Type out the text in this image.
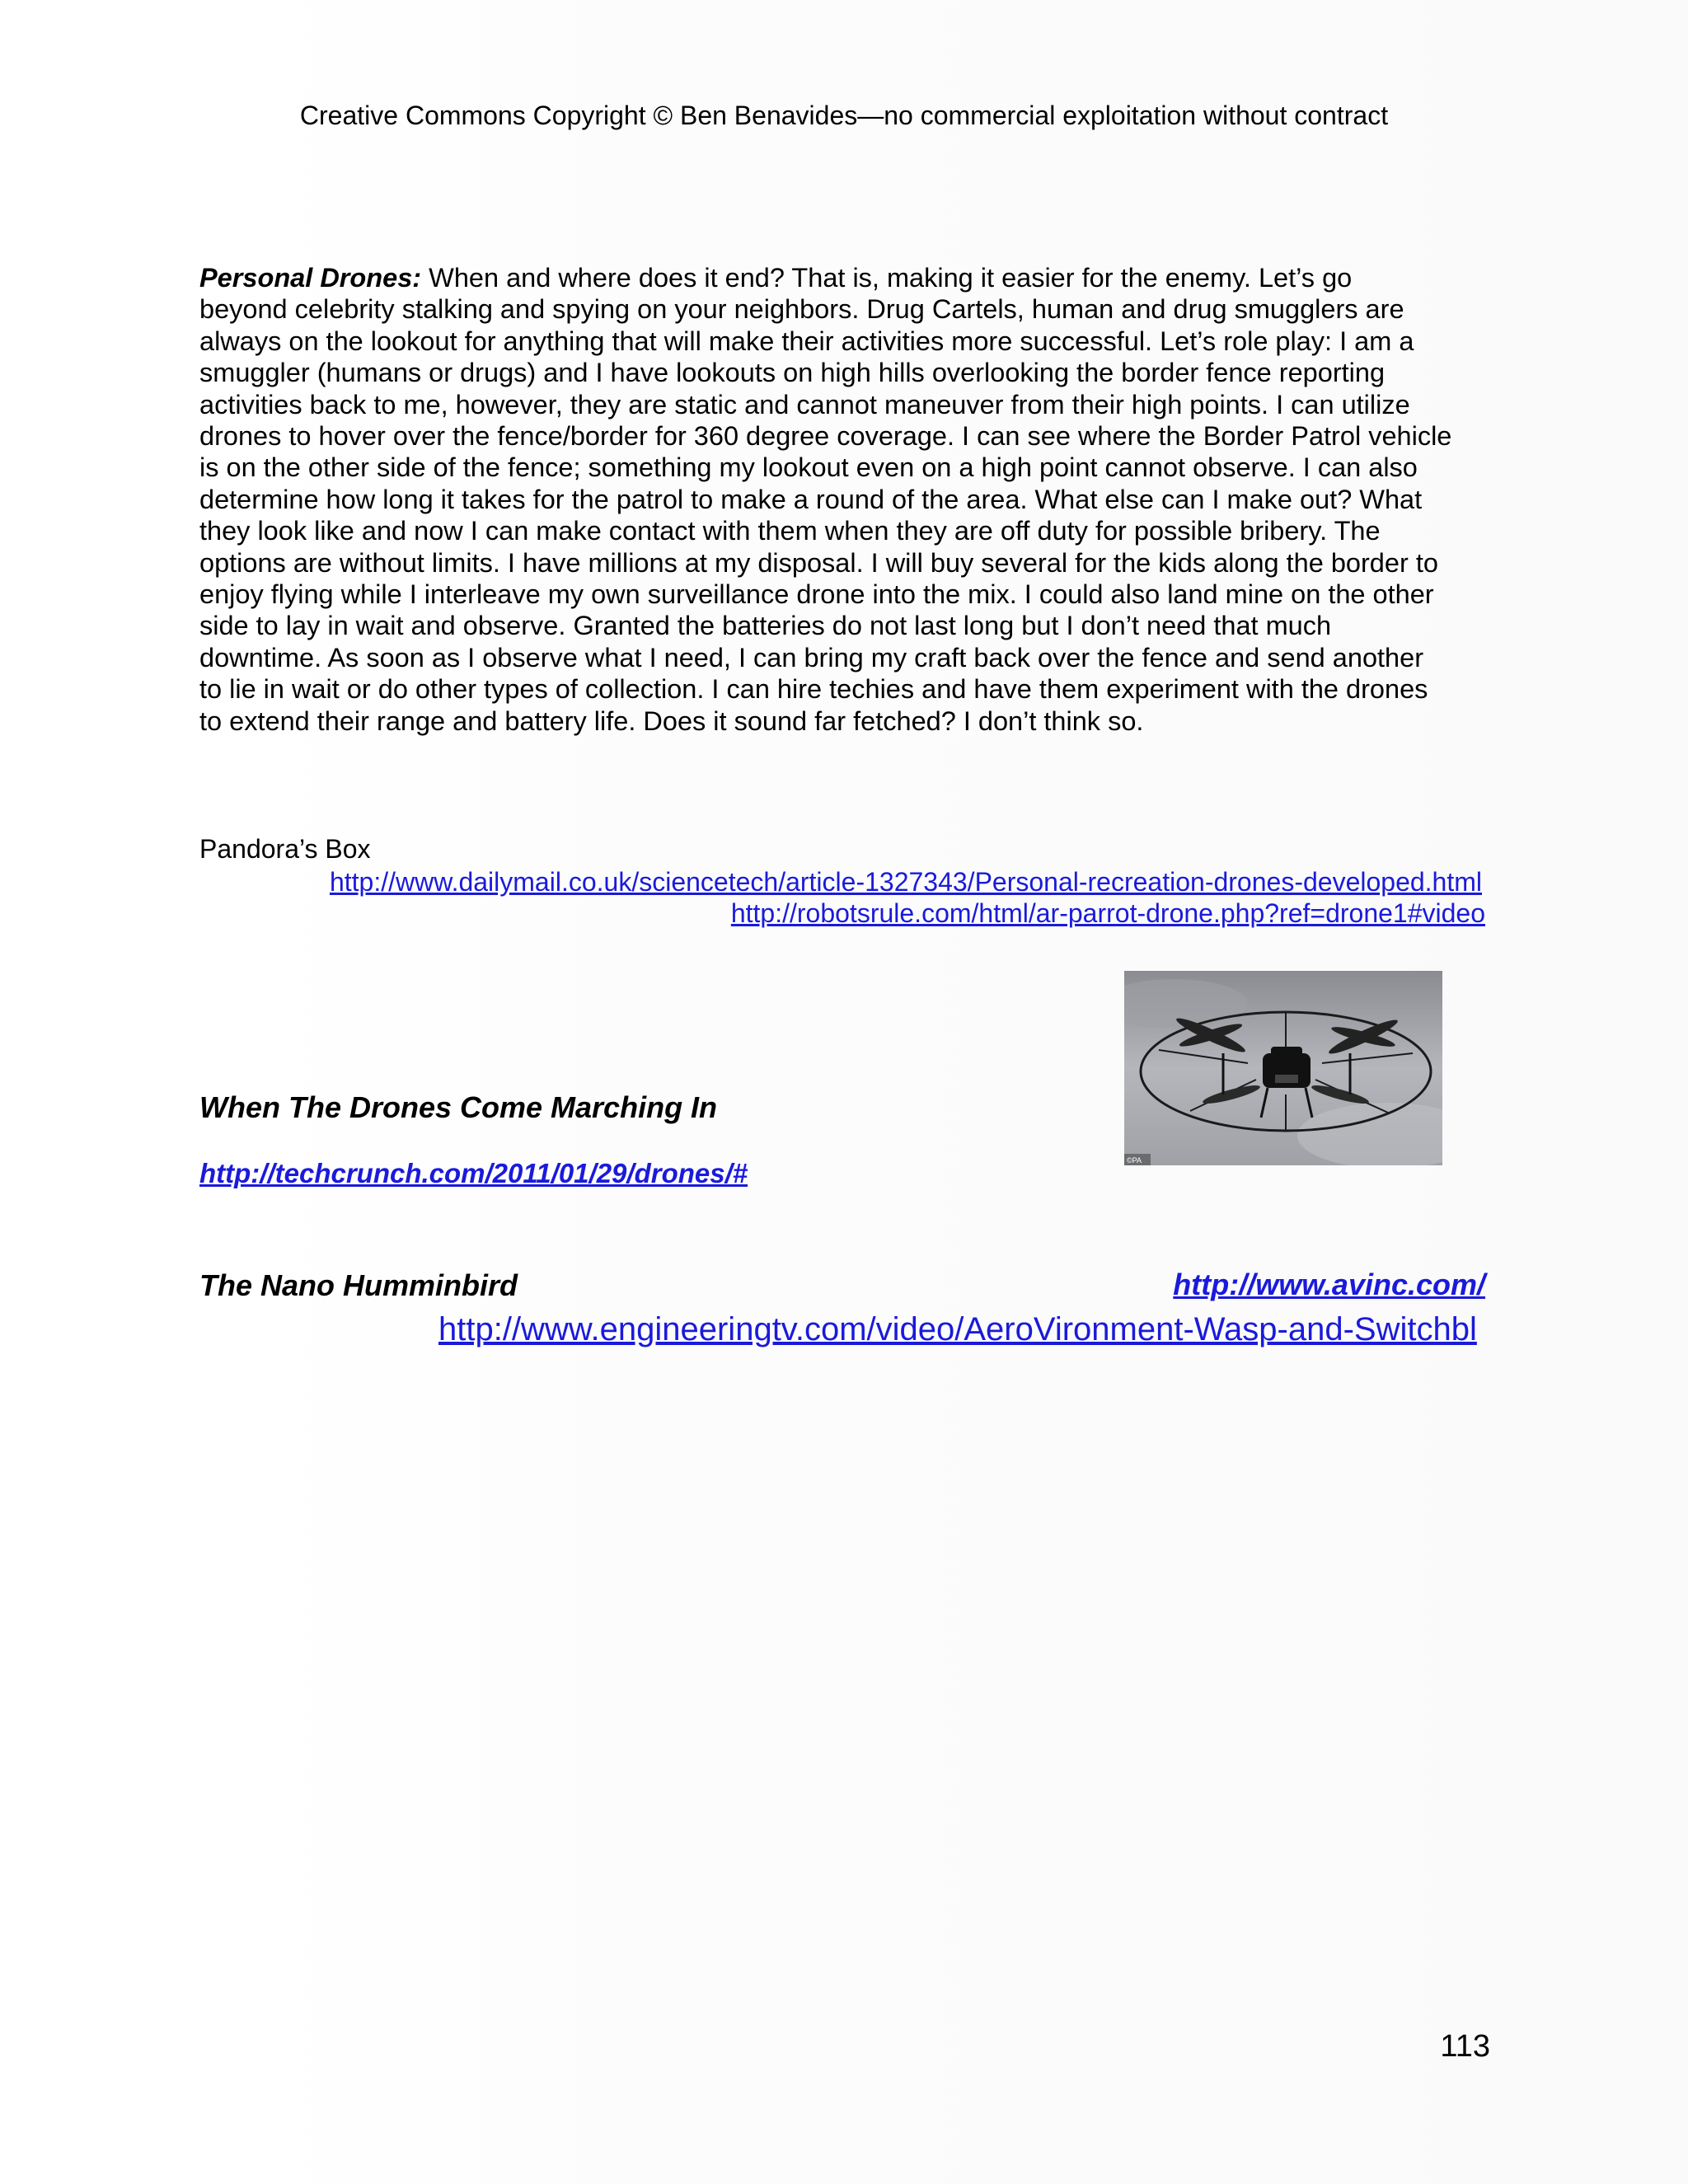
Creative Commons Copyright © Ben Benavides—no commercial exploitation without contract

Personal Drones: When and where does it end? That is, making it easier for the enemy. Let’s go
beyond celebrity stalking and spying on your neighbors. Drug Cartels, human and drug smugglers are
always on the lookout for anything that will make their activities more successful. Let’s role play: I am a
smuggler (humans or drugs) and I have lookouts on high hills overlooking the border fence reporting
activities back to me, however, they are static and cannot maneuver from their high points. I can utilize
drones to hover over the fence/border for 360 degree coverage. I can see where the Border Patrol vehicle
is on the other side of the fence; something my lookout even on a high point cannot observe. I can also
determine how long it takes for the patrol to make a round of the area. What else can I make out? What
they look like and now I can make contact with them when they are off duty for possible bribery. The
options are without limits. I have millions at my disposal. I will buy several for the kids along the border to
enjoy flying while I interleave my own surveillance drone into the mix. I could also land mine on the other
side to lay in wait and observe. Granted the batteries do not last long but I don’t need that much
downtime. As soon as I observe what I need, I can bring my craft back over the fence and send another
to lie in wait or do other types of collection. I can hire techies and have them experiment with the drones
to extend their range and battery life. Does it sound far fetched? I don’t think so.

Pandora’s Box
http://www.dailymail.co.uk/sciencetech/article-1327343/Personal-recreation-drones-developed.html
http://robotsrule.com/html/ar-parrot-drone.php?ref=drone1#video
©PA
When The Drones Come Marching In
http://techcrunch.com/2011/01/29/drones/#
The Nano Humminbird	http://www.avinc.com/
http://www.engineeringtv.com/video/AeroVironment-Wasp-and-Switchbl
113
